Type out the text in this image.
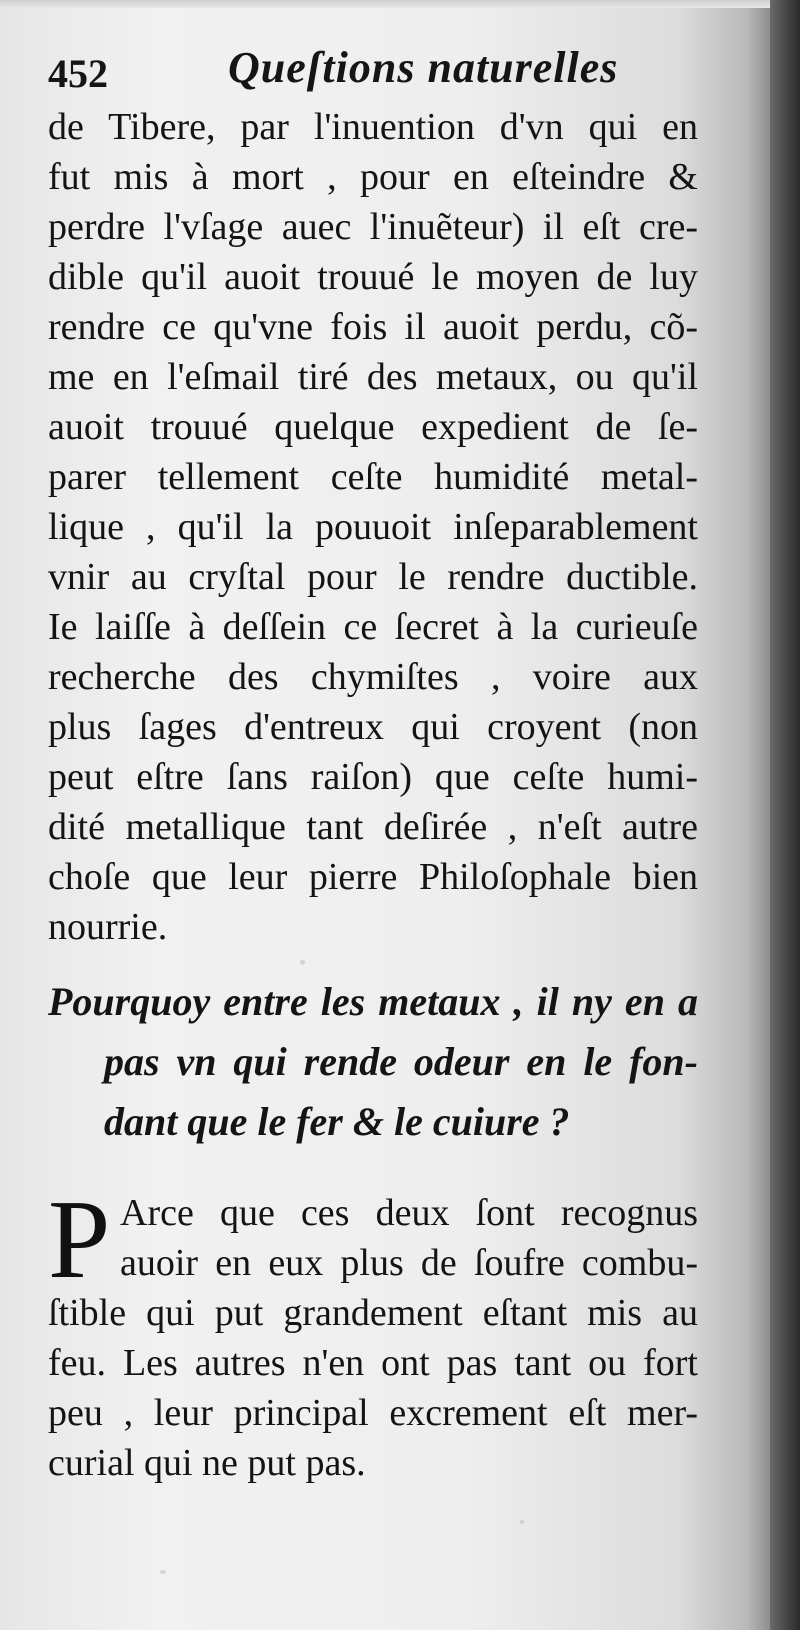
452	Queſtions naturelles
de Tibere, par l'inuention d'vn qui en
fut mis à mort , pour en eſteindre &
perdre l'vſage auec l'inuẽteur) il eſt cre-
dible qu'il auoit trouué le moyen de luy
rendre ce qu'vne fois il auoit perdu, cõ-
me en l'eſmail tiré des metaux, ou qu'il
auoit trouué quelque expedient de ſe-
parer tellement ceſte humidité metal-
lique , qu'il la pouuoit inſeparablement
vnir au cryſtal pour le rendre ductible.
Ie laiſſe à deſſein ce ſecret à la curieuſe
recherche des chymiſtes , voire aux
plus ſages d'entreux qui croyent (non
peut eſtre ſans raiſon) que ceſte humi-
dité metallique tant deſirée , n'eſt autre
choſe que leur pierre Philoſophale bien
nourrie.
Pourquoy entre les metaux , il ny en a
pas vn qui rende odeur en le fon-
dant que le fer & le cuiure ?
P Arce que ces deux ſont recognus
auoir en eux plus de ſoufre combu-
ſtible qui put grandement eſtant mis au
feu. Les autres n'en ont pas tant ou fort
peu , leur principal excrement eſt mer-
curial qui ne put pas.
